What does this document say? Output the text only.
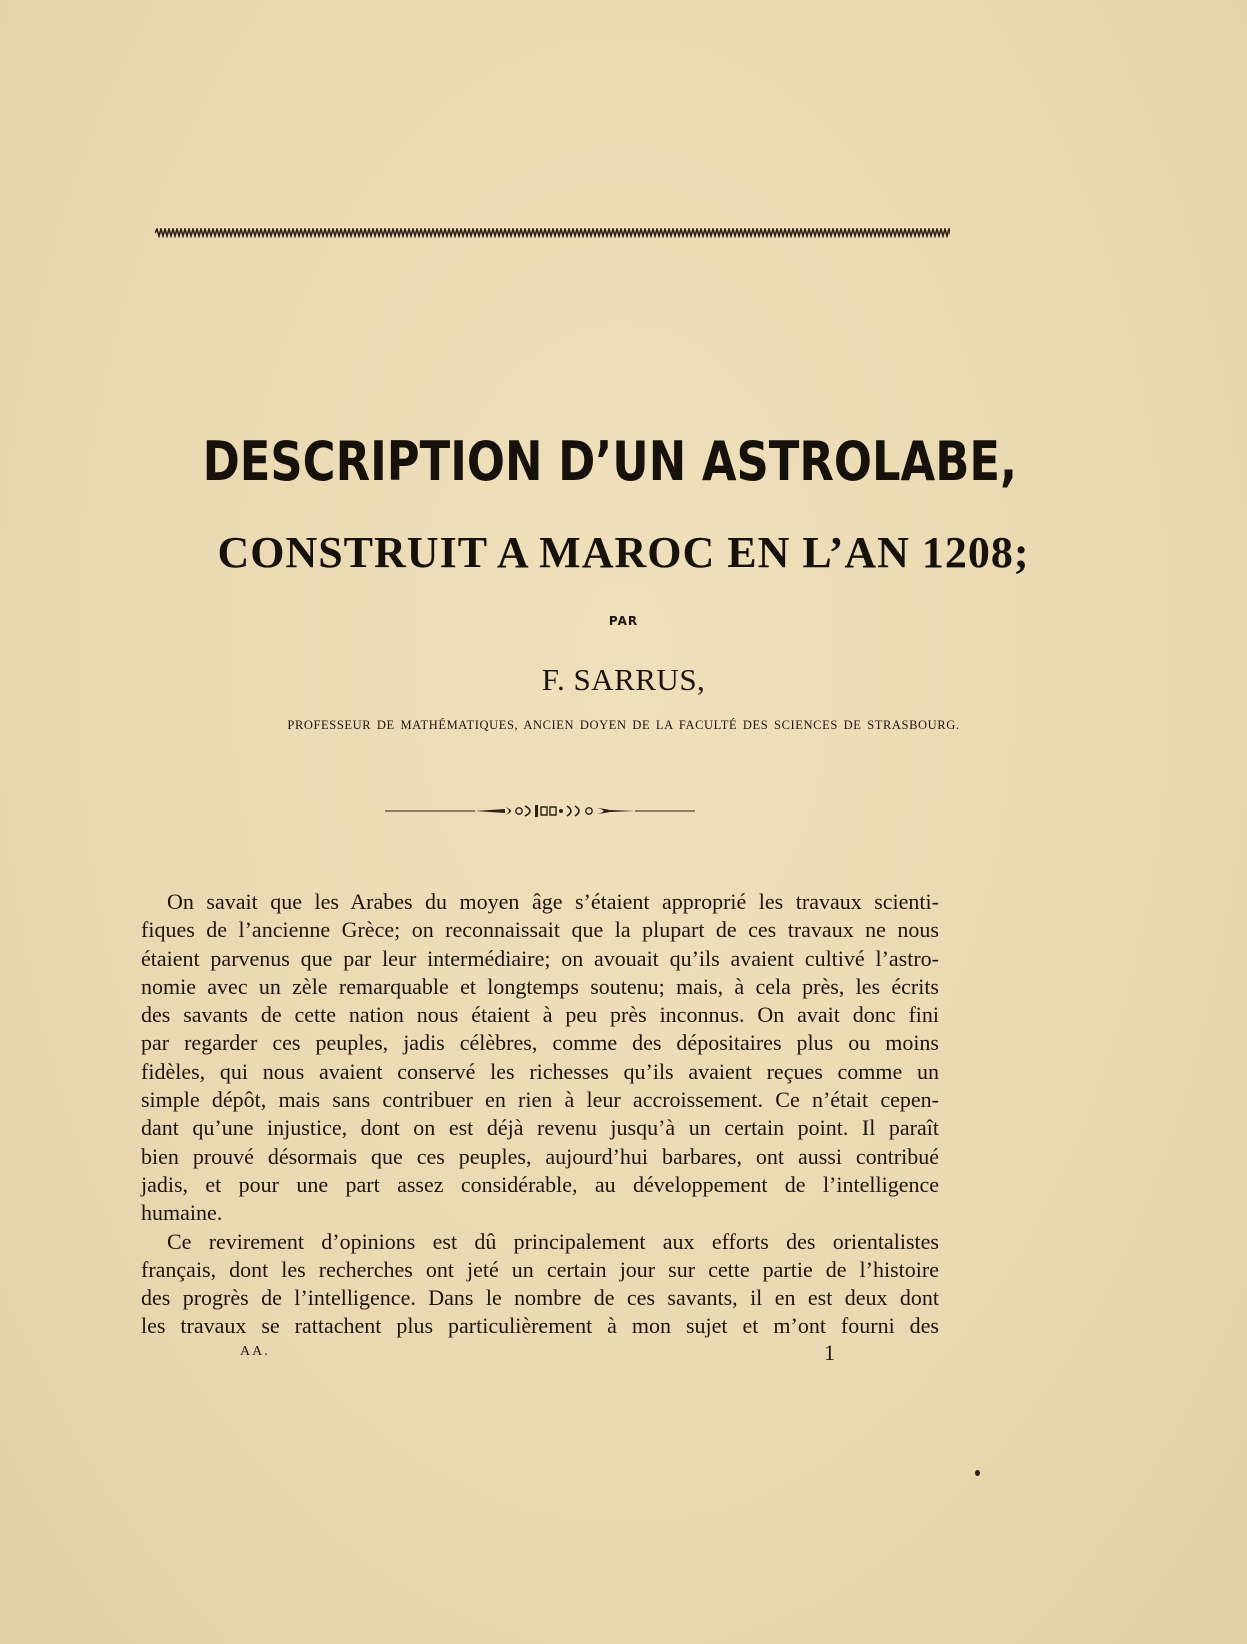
DESCRIPTION D’UN ASTROLABE,
CONSTRUIT A MAROC EN L’AN 1208;
PAR
F. SARRUS,
PROFESSEUR DE MATHÉMATIQUES, ANCIEN DOYEN DE LA FACULTÉ DES SCIENCES DE STRASBOURG.
On savait que les Arabes du moyen âge s’étaient approprié les travaux scienti-
fiques de l’ancienne Grèce; on reconnaissait que la plupart de ces travaux ne nous
étaient parvenus que par leur intermédiaire; on avouait qu’ils avaient cultivé l’astro-
nomie avec un zèle remarquable et longtemps soutenu; mais, à cela près, les écrits
des savants de cette nation nous étaient à peu près inconnus. On avait donc fini
par regarder ces peuples, jadis célèbres, comme des dépositaires plus ou moins
fidèles, qui nous avaient conservé les richesses qu’ils avaient reçues comme un
simple dépôt, mais sans contribuer en rien à leur accroissement. Ce n’était cepen-
dant qu’une injustice, dont on est déjà revenu jusqu’à un certain point. Il paraît
bien prouvé désormais que ces peuples, aujourd’hui barbares, ont aussi contribué
jadis, et pour une part assez considérable, au développement de l’intelligence
humaine.
Ce revirement d’opinions est dû principalement aux efforts des orientalistes
français, dont les recherches ont jeté un certain jour sur cette partie de l’histoire
des progrès de l’intelligence. Dans le nombre de ces savants, il en est deux dont
les travaux se rattachent plus particulièrement à mon sujet et m’ont fourni des
AA.	1
